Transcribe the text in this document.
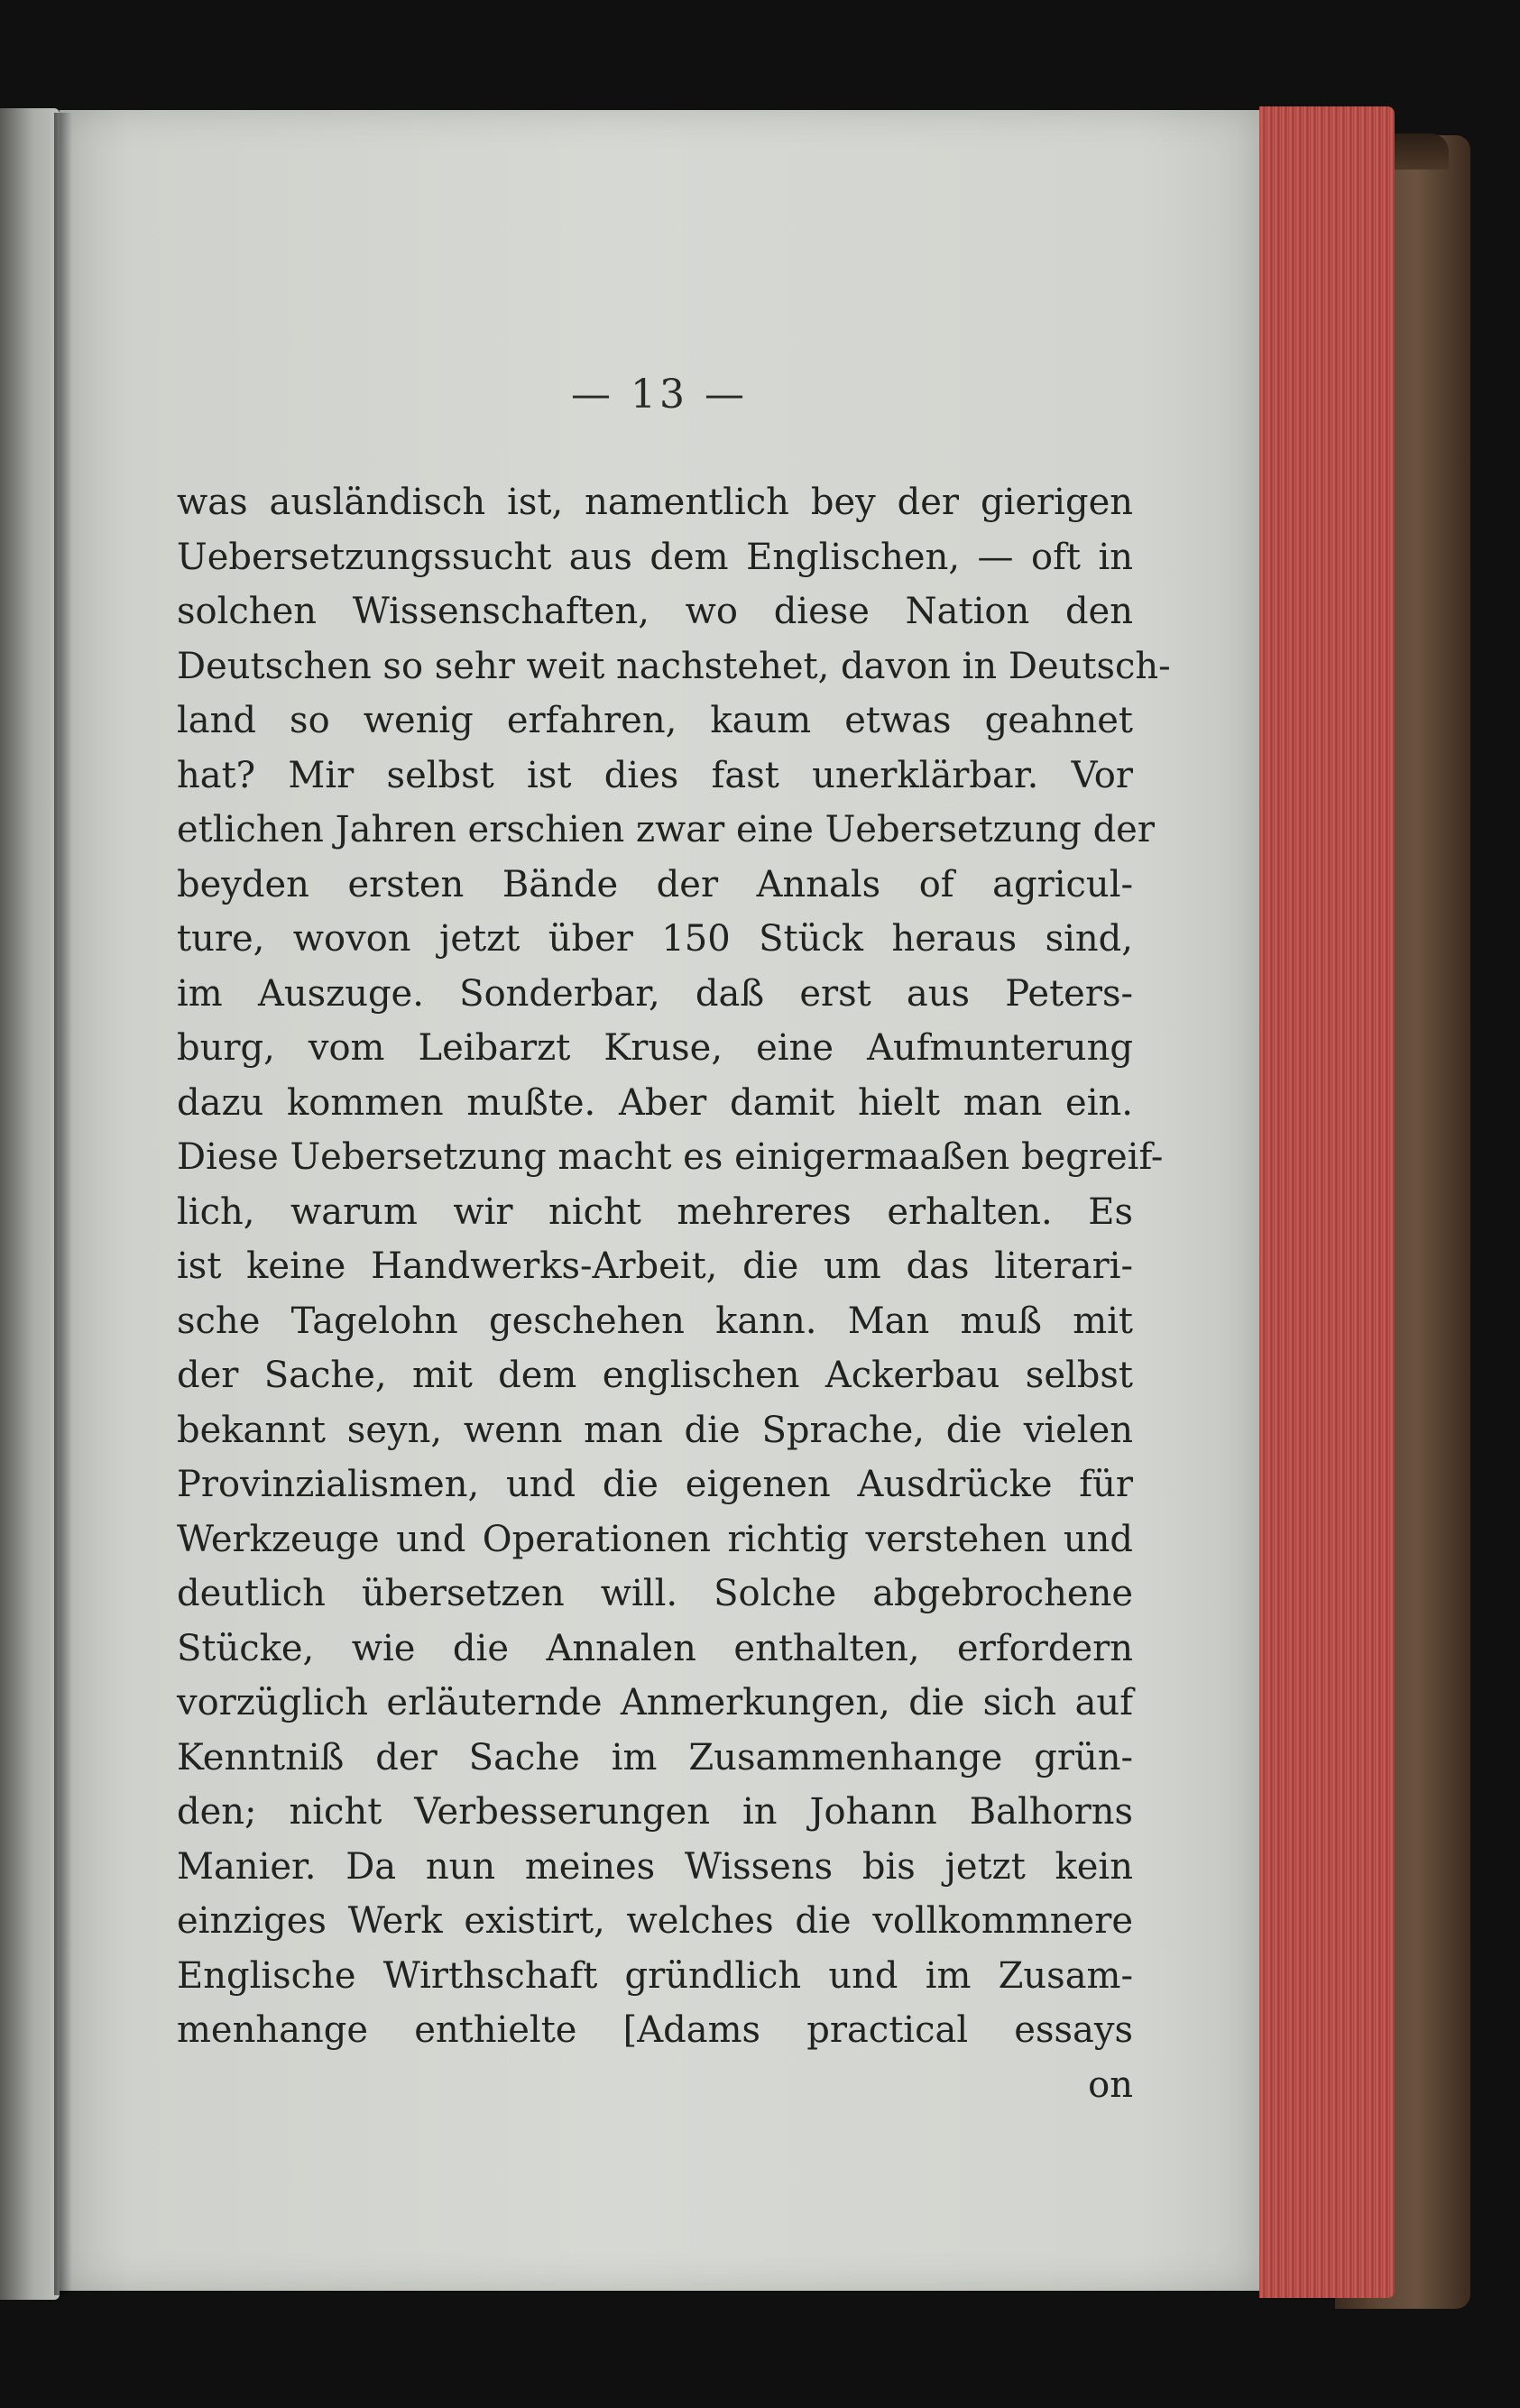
— 13 —
was ausländisch ist, namentlich bey der gierigen
Uebersetzungssucht aus dem Englischen, — oft in
solchen Wissenschaften, wo diese Nation den
Deutschen so sehr weit nachstehet, davon in Deutsch-
land so wenig erfahren, kaum etwas geahnet
hat? Mir selbst ist dies fast unerklärbar. Vor
etlichen Jahren erschien zwar eine Uebersetzung der
beyden ersten Bände der Annals of agricul-
ture, wovon jetzt über 150 Stück heraus sind,
im Auszuge. Sonderbar, daß erst aus Peters-
burg, vom Leibarzt Kruse, eine Aufmunterung
dazu kommen mußte. Aber damit hielt man ein.
Diese Uebersetzung macht es einigermaaßen begreif-
lich, warum wir nicht mehreres erhalten. Es
ist keine Handwerks-Arbeit, die um das literari-
sche Tagelohn geschehen kann. Man muß mit
der Sache, mit dem englischen Ackerbau selbst
bekannt seyn, wenn man die Sprache, die vielen
Provinzialismen, und die eigenen Ausdrücke für
Werkzeuge und Operationen richtig verstehen und
deutlich übersetzen will. Solche abgebrochene
Stücke, wie die Annalen enthalten, erfordern
vorzüglich erläuternde Anmerkungen, die sich auf
Kenntniß der Sache im Zusammenhange grün-
den; nicht Verbesserungen in Johann Balhorns
Manier. Da nun meines Wissens bis jetzt kein
einziges Werk existirt, welches die vollkommnere
Englische Wirthschaft gründlich und im Zusam-
menhange enthielte [Adams practical essays
on
